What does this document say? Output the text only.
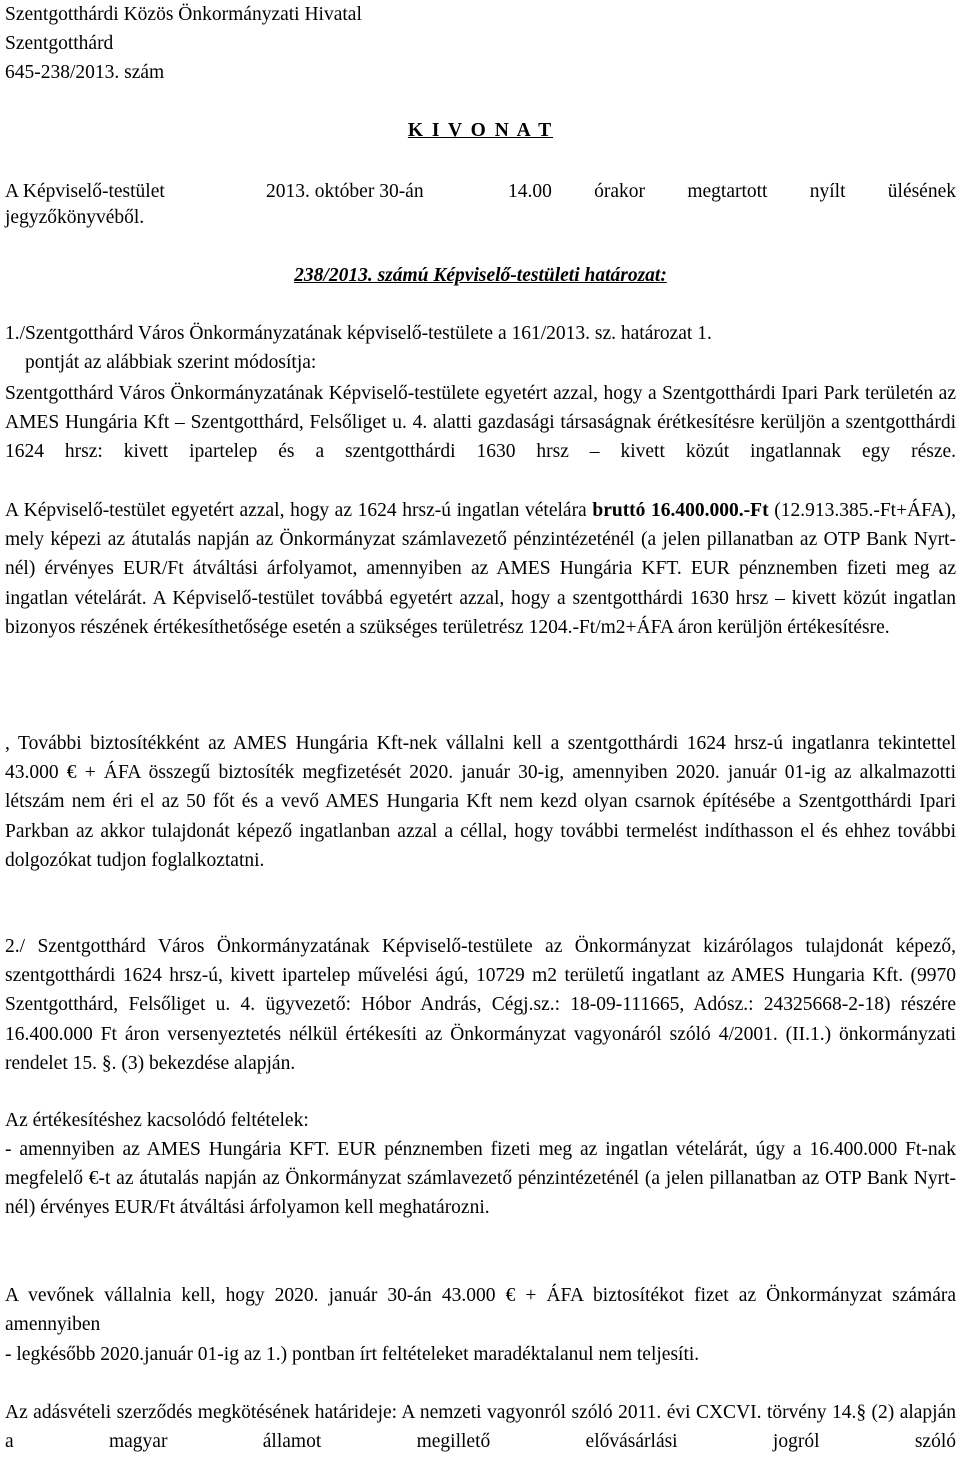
Szentgotthárdi Közös Önkormányzati Hivatal

Szentgotthárd

645-238/2013. szám

K I V O N A T

A Képviselő-testület	2013. október 30-án	14.00 órakor megtartott nyílt ülésének

jegyzőkönyvéből.

238/2013. számú Képviselő-testületi határozat:

1./Szentgotthárd Város Önkormányzatának képviselő-testülete a 161/2013. sz. határozat 1.

pontját az alábbiak szerint módosítja:

Szentgotthárd Város Önkormányzatának Képviselő-testülete egyetért azzal, hogy a Szentgotthárdi Ipari Park területén az AMES Hungária Kft – Szentgotthárd, Felsőliget u. 4. alatti gazdasági társaságnak érétkesítésre kerüljön a szentgotthárdi 1624 hrsz: kivett ipartelep és a szentgotthárdi 1630 hrsz – kivett közút ingatlannak egy része.

A Képviselő-testület egyetért azzal, hogy az 1624 hrsz-ú ingatlan vételára bruttó 16.400.000.-Ft (12.913.385.-Ft+ÁFA), mely képezi az átutalás napján az Önkormányzat számlavezető pénzintézeténél (a jelen pillanatban az OTP Bank Nyrt-nél) érvényes EUR/Ft átváltási árfolyamot, amennyiben az AMES Hungária KFT. EUR pénznemben fizeti meg az ingatlan vételárát. A Képviselő-testület továbbá egyetért azzal, hogy a szentgotthárdi 1630 hrsz – kivett közút ingatlan bizonyos részének értékesíthetősége esetén a szükséges területrész 1204.-Ft/m2+ÁFA áron kerüljön értékesítésre.

, További biztosítékként az AMES Hungária Kft-nek vállalni kell a szentgotthárdi 1624 hrsz-ú ingatlanra tekintettel 43.000 € + ÁFA összegű biztosíték megfizetését 2020. január 30-ig, amennyiben 2020. január 01-ig az alkalmazotti létszám nem éri el az 50 főt és a vevő AMES Hungaria Kft nem kezd olyan csarnok építésébe a Szentgotthárdi Ipari Parkban az akkor tulajdonát képező ingatlanban azzal a céllal, hogy további termelést indíthasson el és ehhez további dolgozókat tudjon foglalkoztatni.

2./ Szentgotthárd Város Önkormányzatának Képviselő-testülete az Önkormányzat kizárólagos tulajdonát képező, szentgotthárdi 1624 hrsz-ú, kivett ipartelep művelési ágú, 10729 m2 területű ingatlant az AMES Hungaria Kft. (9970 Szentgotthárd, Felsőliget u. 4. ügyvezető: Hóbor András, Cégj.sz.: 18-09-111665, Adósz.: 24325668-2-18) részére 16.400.000 Ft áron versenyeztetés nélkül értékesíti az Önkormányzat vagyonáról szóló 4/2001. (II.1.) önkormányzati rendelet 15. §. (3) bekezdése alapján.

Az értékesítéshez kacsolódó feltételek:

- amennyiben az AMES Hungária KFT. EUR pénznemben fizeti meg az ingatlan vételárát, úgy a 16.400.000 Ft-nak megfelelő €-t az átutalás napján az Önkormányzat számlavezető pénzintézeténél (a jelen pillanatban az OTP Bank Nyrt-nél) érvényes EUR/Ft átváltási árfolyamon kell meghatározni.

A vevőnek vállalnia kell, hogy 2020. január 30-án 43.000 € + ÁFA biztosítékot fizet az Önkormányzat számára amennyiben

- legkésőbb 2020.január 01-ig az 1.) pontban írt feltételeket maradéktalanul nem teljesíti.

Az adásvételi szerződés megkötésének határideje: A nemzeti vagyonról szóló 2011. évi CXCVI. törvény 14.§ (2) alapján a magyar államot megillető elővásárlási jogról szóló
